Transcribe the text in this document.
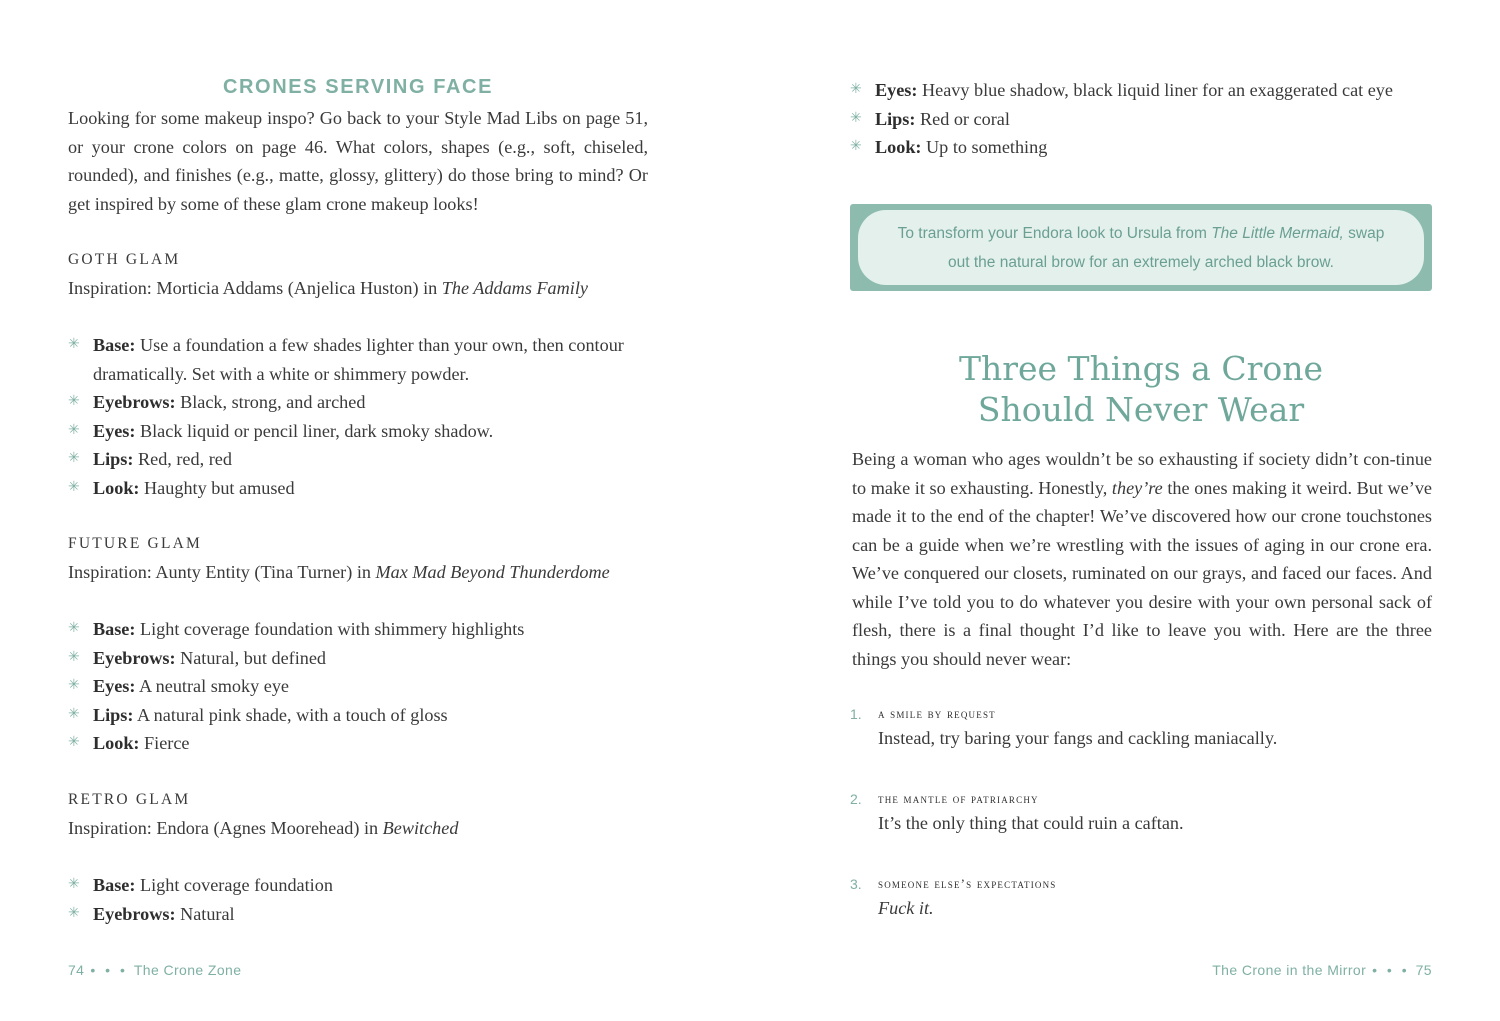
CRONES SERVING FACE
Looking for some makeup inspo? Go back to your Style Mad Libs on page 51, or your crone colors on page 46. What colors, shapes (e.g., soft, chiseled, rounded), and finishes (e.g., matte, glossy, glittery) do those bring to mind? Or get inspired by some of these glam crone makeup looks!
GOTH GLAM
Inspiration: Morticia Addams (Anjelica Huston) in The Addams Family
✳ Base: Use a foundation a few shades lighter than your own, then contour dramatically. Set with a white or shimmery powder.
✳ Eyebrows: Black, strong, and arched
✳ Eyes: Black liquid or pencil liner, dark smoky shadow.
✳ Lips: Red, red, red
✳ Look: Haughty but amused
FUTURE GLAM
Inspiration: Aunty Entity (Tina Turner) in Max Mad Beyond Thunderdome
✳ Base: Light coverage foundation with shimmery highlights
✳ Eyebrows: Natural, but defined
✳ Eyes: A neutral smoky eye
✳ Lips: A natural pink shade, with a touch of gloss
✳ Look: Fierce
RETRO GLAM
Inspiration: Endora (Agnes Moorehead) in Bewitched
✳ Base: Light coverage foundation
✳ Eyebrows: Natural
74 • • • The Crone Zone
✳ Eyes: Heavy blue shadow, black liquid liner for an exaggerated cat eye
✳ Lips: Red or coral
✳ Look: Up to something
To transform your Endora look to Ursula from The Little Mermaid, swap
out the natural brow for an extremely arched black brow.
Three Things a Crone
Should Never Wear
Being a woman who ages wouldn’t be so exhausting if society didn’t con-tinue to make it so exhausting. Honestly, they’re the ones making it weird. But we’ve made it to the end of the chapter! We’ve discovered how our crone touchstones can be a guide when we’re wrestling with the issues of aging in our crone era. We’ve conquered our closets, ruminated on our grays, and faced our faces. And while I’ve told you to do whatever you desire with your own personal sack of flesh, there is a final thought I’d like to leave you with. Here are the three things you should never wear:
1. a smile by request
Instead, try baring your fangs and cackling maniacally.
2. the mantle of patriarchy
It’s the only thing that could ruin a caftan.
3. someone else’s expectations
Fuck it.
The Crone in the Mirror • • • 75
